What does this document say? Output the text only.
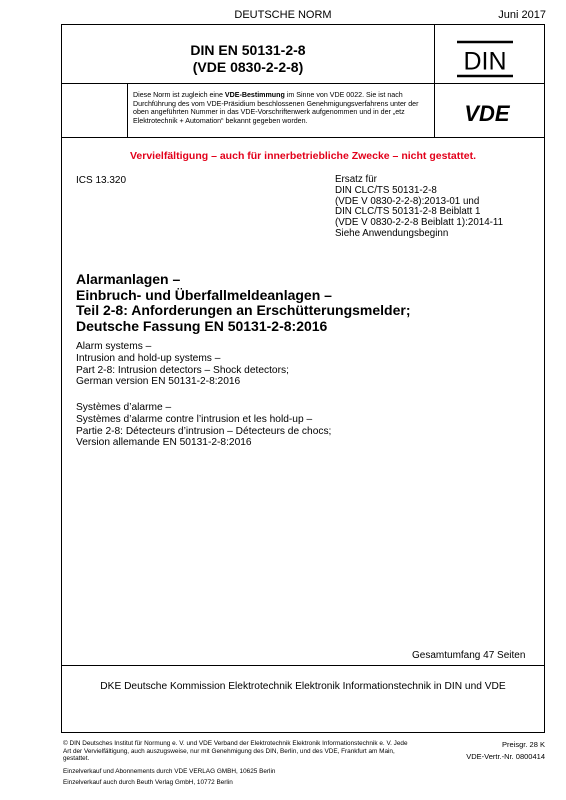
DEUTSCHE NORM	Juni 2017
DIN EN 50131-2-8
(VDE 0830-2-2-8)	DIN
VDE
Diese Norm ist zugleich eine VDE-Bestimmung im Sinne von VDE 0022. Sie ist nach Durchführung des vom VDE-Präsidium beschlossenen Genehmigungsverfahrens unter der oben angeführten Nummer in das VDE-Vorschriftenwerk aufgenommen und in der „etz Elektrotechnik + Automation“ bekannt gegeben worden.
Vervielfältigung – auch für innerbetriebliche Zwecke – nicht gestattet.
ICS 13.320	Ersatz für
DIN CLC/TS 50131-2-8
(VDE V 0830-2-2-8):2013-01 und
DIN CLC/TS 50131-2-8 Beiblatt 1
(VDE V 0830-2-2-8 Beiblatt 1):2014-11
Siehe Anwendungsbeginn
Alarmanlagen –
Einbruch- und Überfallmeldeanlagen –
Teil 2-8: Anforderungen an Erschütterungsmelder;
Deutsche Fassung EN 50131-2-8:2016
Alarm systems –
Intrusion and hold-up systems –
Part 2-8: Intrusion detectors – Shock detectors;
German version EN 50131-2-8:2016
Systèmes d’alarme –
Systèmes d’alarme contre l’intrusion et les hold-up –
Partie 2-8: Détecteurs d’intrusion – Détecteurs de chocs;
Version allemande EN 50131-2-8:2016
Gesamtumfang 47 Seiten
DKE Deutsche Kommission Elektrotechnik Elektronik Informationstechnik in DIN und VDE
© DIN Deutsches Institut für Normung e. V. und VDE Verband der Elektrotechnik Elektronik Informationstechnik e. V. Jede Art der Vervielfältigung, auch auszugsweise, nur mit Genehmigung des DIN, Berlin, und des VDE, Frankfurt am Main, gestattet.
Preisgr. 28 K
VDE-Vertr.-Nr. 0800414
Einzelverkauf und Abonnements durch VDE VERLAG GMBH, 10625 Berlin
Einzelverkauf auch durch Beuth Verlag GmbH, 10772 Berlin
